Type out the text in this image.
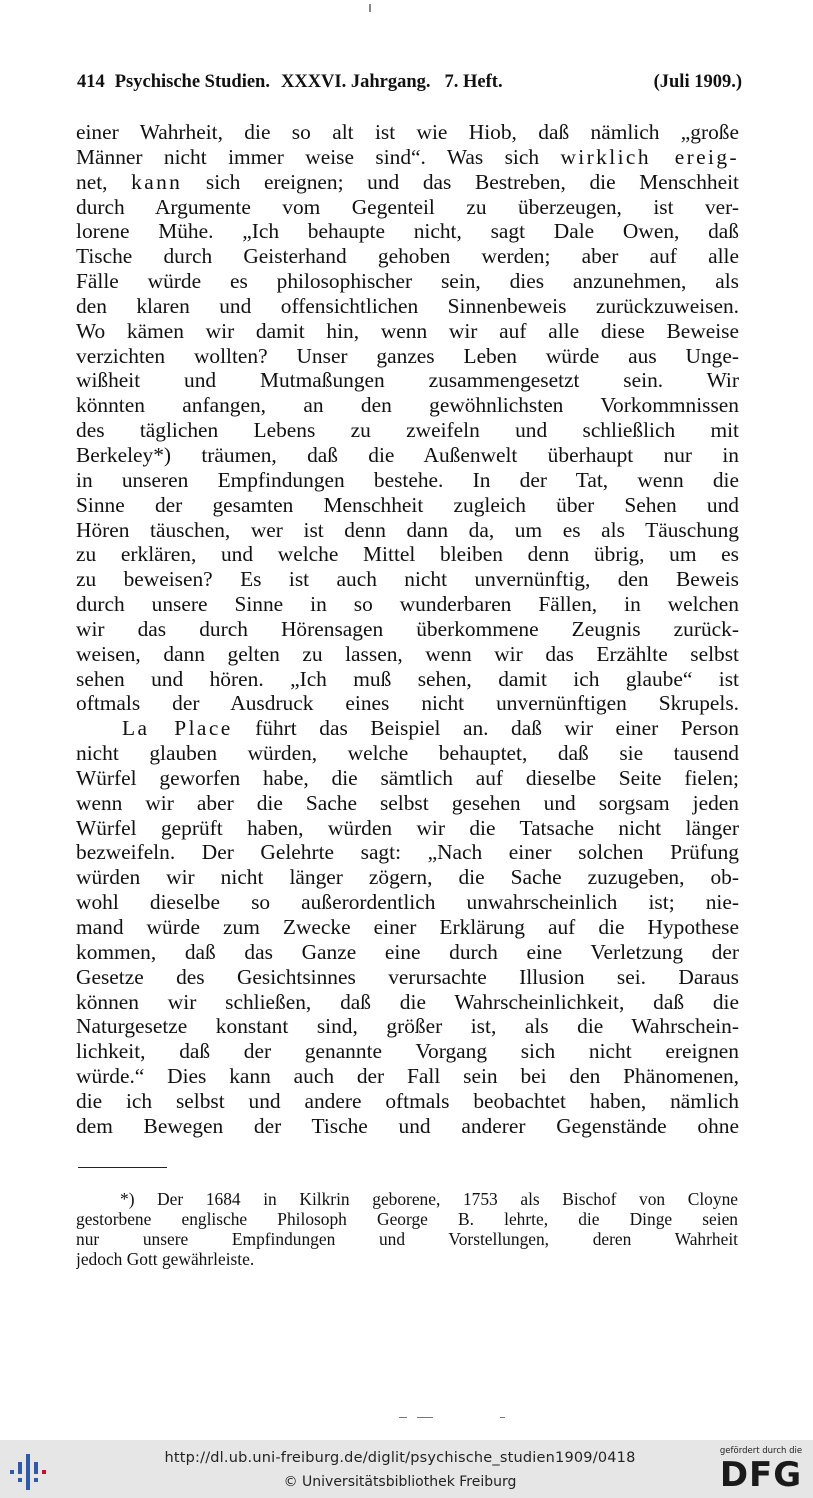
414 Psychische Studien. XXXVI. Jahrgang. 7. Heft.	(Juli 1909.)
einer Wahrheit, die so alt ist wie Hiob, daß nämlich „große
Männer nicht immer weise sind“. Was sich wirklich ereig-
net, kann sich ereignen; und das Bestreben, die Menschheit
durch Argumente vom Gegenteil zu überzeugen, ist ver-
lorene Mühe. „Ich behaupte nicht, sagt Dale Owen, daß
Tische durch Geisterhand gehoben werden; aber auf alle
Fälle würde es philosophischer sein, dies anzunehmen, als
den klaren und offensichtlichen Sinnenbeweis zurückzuweisen.
Wo kämen wir damit hin, wenn wir auf alle diese Beweise
verzichten wollten? Unser ganzes Leben würde aus Unge-
wißheit und Mutmaßungen zusammengesetzt sein. Wir
könnten anfangen, an den gewöhnlichsten Vorkommnissen
des täglichen Lebens zu zweifeln und schließlich mit
Berkeley*) träumen, daß die Außenwelt überhaupt nur in
in unseren Empfindungen bestehe. In der Tat, wenn die
Sinne der gesamten Menschheit zugleich über Sehen und
Hören täuschen, wer ist denn dann da, um es als Täuschung
zu erklären, und welche Mittel bleiben denn übrig, um es
zu beweisen? Es ist auch nicht unvernünftig, den Beweis
durch unsere Sinne in so wunderbaren Fällen, in welchen
wir das durch Hörensagen überkommene Zeugnis zurück-
weisen, dann gelten zu lassen, wenn wir das Erzählte selbst
sehen und hören. „Ich muß sehen, damit ich glaube“ ist
oftmals der Ausdruck eines nicht unvernünftigen Skrupels.
La Place führt das Beispiel an. daß wir einer Person
nicht glauben würden, welche behauptet, daß sie tausend
Würfel geworfen habe, die sämtlich auf dieselbe Seite fielen;
wenn wir aber die Sache selbst gesehen und sorgsam jeden
Würfel geprüft haben, würden wir die Tatsache nicht länger
bezweifeln. Der Gelehrte sagt: „Nach einer solchen Prüfung
würden wir nicht länger zögern, die Sache zuzugeben, ob-
wohl dieselbe so außerordentlich unwahrscheinlich ist; nie-
mand würde zum Zwecke einer Erklärung auf die Hypothese
kommen, daß das Ganze eine durch eine Verletzung der
Gesetze des Gesichtsinnes verursachte Illusion sei. Daraus
können wir schließen, daß die Wahrscheinlichkeit, daß die
Naturgesetze konstant sind, größer ist, als die Wahrschein-
lichkeit, daß der genannte Vorgang sich nicht ereignen
würde.“ Dies kann auch der Fall sein bei den Phänomenen,
die ich selbst und andere oftmals beobachtet haben, nämlich
dem Bewegen der Tische und anderer Gegenstände ohne
*) Der 1684 in Kilkrin geborene, 1753 als Bischof von Cloyne
gestorbene englische Philosoph George B. lehrte, die Dinge seien
nur unsere Empfindungen und Vorstellungen, deren Wahrheit
jedoch Gott gewährleiste.
http://dl.ub.uni-freiburg.de/diglit/psychische_studien1909/0418
© Universitätsbibliothek Freiburg
gefördert durch die
DFG
